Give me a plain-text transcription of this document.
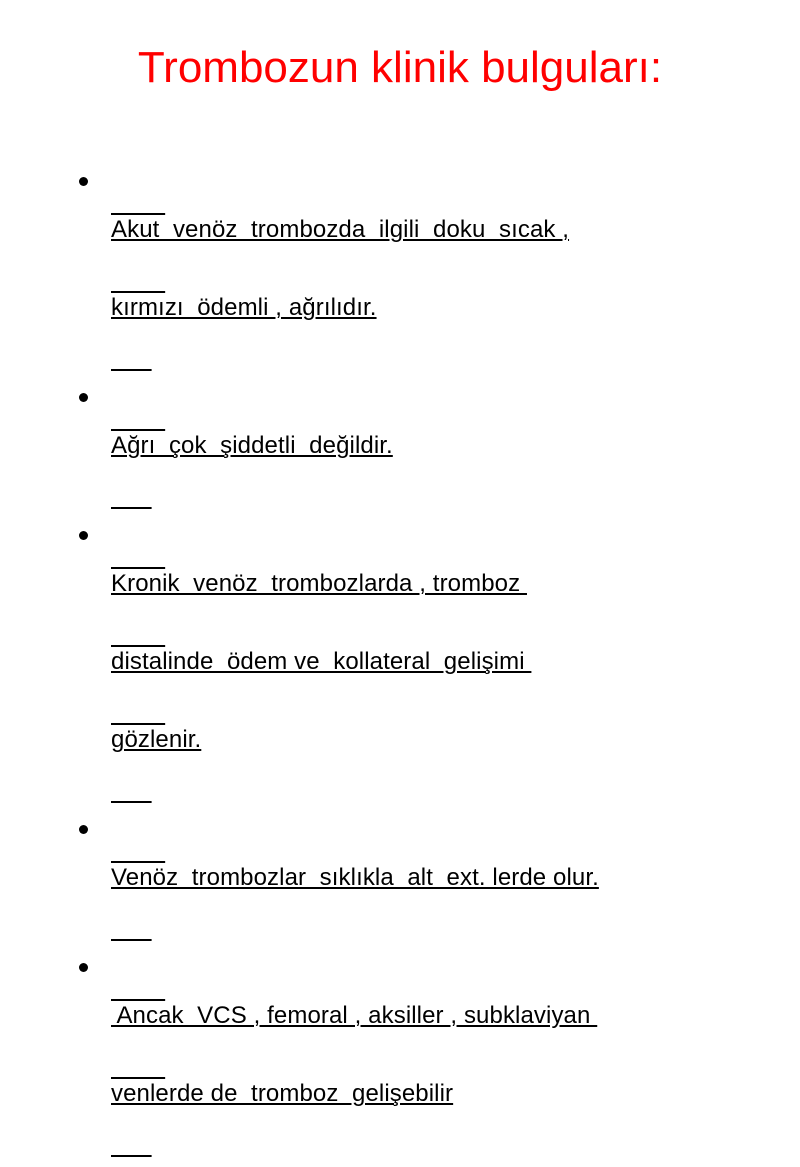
Trombozun klinik bulguları:

Akut  venöz  trombozda  ilgili  doku  sıcak ,

kırmızı  ödemli , ağrılıdır.

Ağrı  çok  şiddetli  değildir.

Kronik  venöz  trombozlarda , tromboz

distalinde  ödem ve  kollateral  gelişimi

gözlenir.

Venöz  trombozlar  sıklıkla  alt  ext. lerde olur.

Ancak  VCS , femoral , aksiller , subklaviyan

venlerde de  tromboz  gelişebilir
